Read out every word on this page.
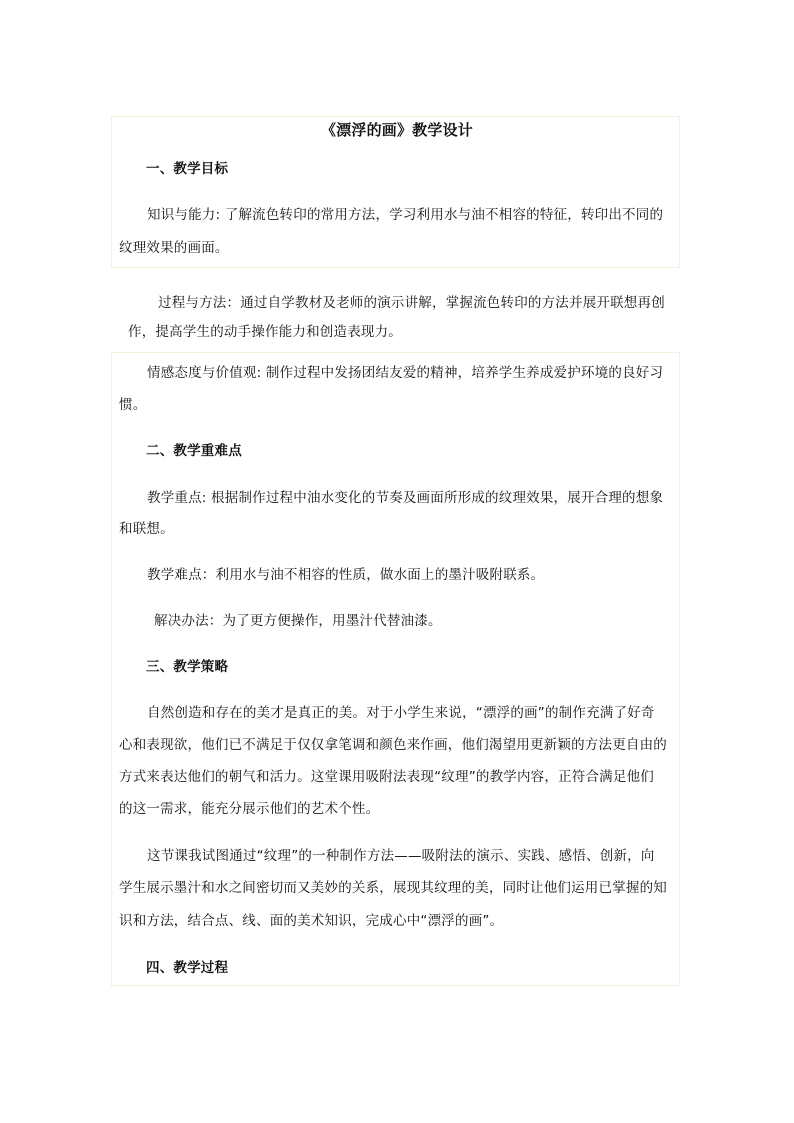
《漂浮的画》教学设计
一、教学目标
知识与能力: 了解流色转印的常用方法，学习利用水与油不相容的特征，转印出不同的
纹理效果的画面。
过程与方法：通过自学教材及老师的演示讲解，掌握流色转印的方法并展开联想再创
作，提高学生的动手操作能力和创造表现力。
情感态度与价值观: 制作过程中发扬团结友爱的精神，培养学生养成爱护环境的良好习
惯。
二、教学重难点
教学重点: 根据制作过程中油水变化的节奏及画面所形成的纹理效果，展开合理的想象
和联想。
教学难点：利用水与油不相容的性质，做水面上的墨汁吸附联系。
解决办法：为了更方便操作，用墨汁代替油漆。
三、教学策略
自然创造和存在的美才是真正的美。对于小学生来说，“漂浮的画”的制作充满了好奇
心和表现欲，他们已不满足于仅仅拿笔调和颜色来作画，他们渴望用更新颖的方法更自由的
方式来表达他们的朝气和活力。这堂课用吸附法表现“纹理”的教学内容，正符合满足他们
的这一需求，能充分展示他们的艺术个性。
这节课我试图通过“纹理”的一种制作方法——吸附法的演示、实践、感悟、创新，向
学生展示墨汁和水之间密切而又美妙的关系，展现其纹理的美，同时让他们运用已掌握的知
识和方法，结合点、线、面的美术知识，完成心中“漂浮的画”。
四、教学过程
